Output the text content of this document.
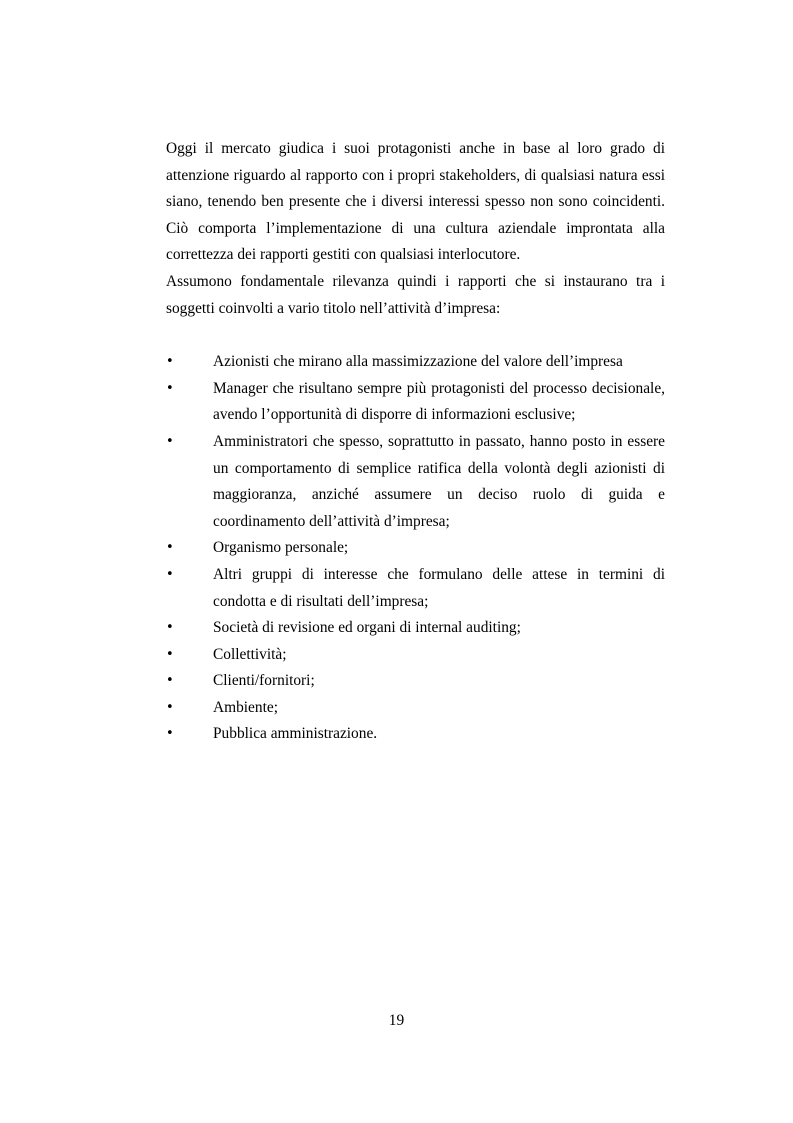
Oggi il mercato giudica i suoi protagonisti anche in base al loro grado di

attenzione riguardo al rapporto con i propri stakeholders, di qualsiasi natura essi

siano, tenendo ben presente che i diversi interessi spesso non sono coincidenti.

Ciò comporta l’implementazione di una cultura aziendale improntata alla

correttezza dei rapporti gestiti con qualsiasi interlocutore.

Assumono fondamentale rilevanza quindi i rapporti che si instaurano tra i

soggetti coinvolti a vario titolo nell’attività d’impresa:

•	Azionisti che mirano alla massimizzazione del valore dell’impresa
•	Manager che risultano sempre più protagonisti del processo decisionale,
avendo l’opportunità di disporre di informazioni esclusive;
•	Amministratori che spesso, soprattutto in passato, hanno posto in essere
un comportamento di semplice ratifica della volontà degli azionisti di
maggioranza, anziché assumere un deciso ruolo di guida e
coordinamento dell’attività d’impresa;
•	Organismo personale;
•	Altri gruppi di interesse che formulano delle attese in termini di
condotta e di risultati dell’impresa;
•	Società di revisione ed organi di internal auditing;
•	Collettività;
•	Clienti/fornitori;
•	Ambiente;
•	Pubblica amministrazione.
19
